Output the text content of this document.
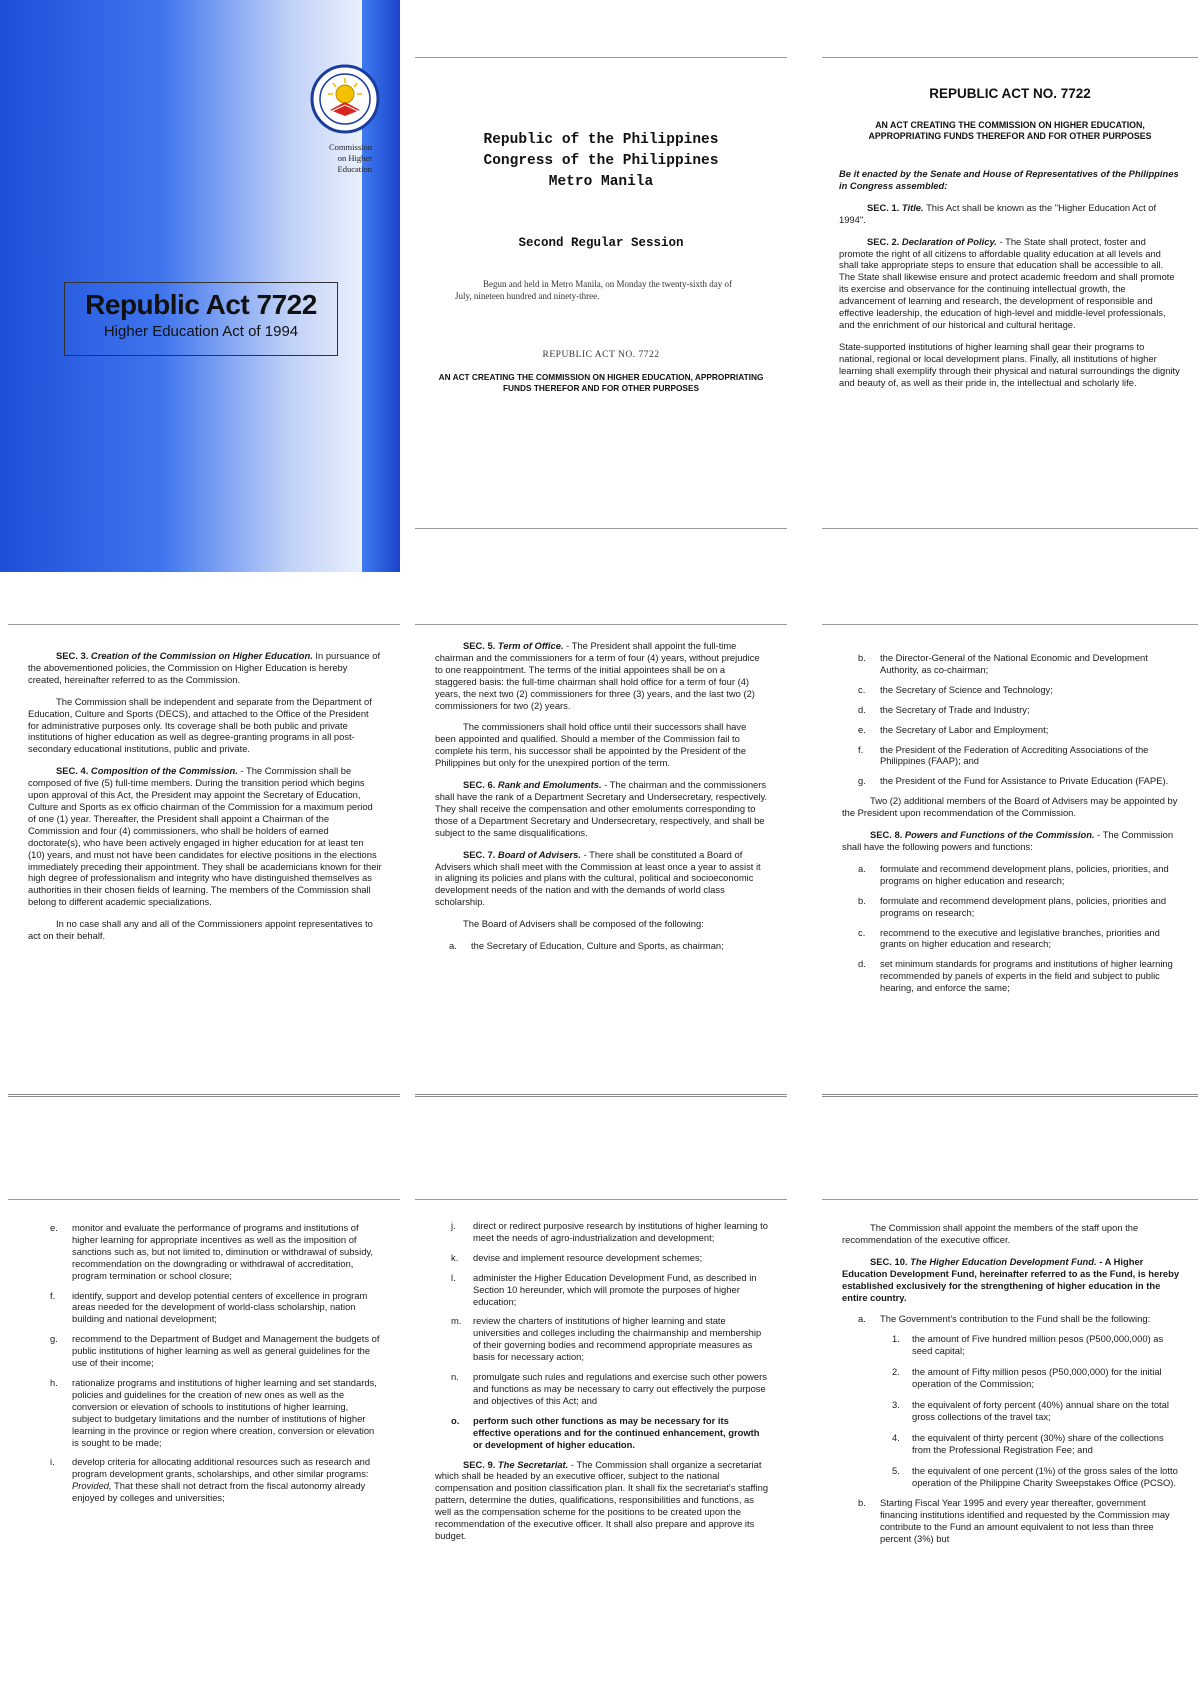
Commission
on Higher
Education
Republic Act 7722
Higher Education Act of 1994
Republic of the Philippines
Congress of the Philippines
Metro Manila
Second Regular Session
Begun and held in Metro Manila, on Monday the twenty-sixth day of July, nineteen hundred and ninety-three.
REPUBLIC ACT NO. 7722
AN ACT CREATING THE COMMISSION ON HIGHER EDUCATION, APPROPRIATING FUNDS THEREFOR AND FOR OTHER PURPOSES
REPUBLIC ACT NO. 7722
AN ACT CREATING THE COMMISSION ON HIGHER EDUCATION, APPROPRIATING FUNDS THEREFOR AND FOR OTHER PURPOSES

Be it enacted by the Senate and House of Representatives of the Philippines in Congress assembled:

SEC. 1. Title. This Act shall be known as the "Higher Education Act of 1994".

SEC. 2. Declaration of Policy. - The State shall protect, foster and promote the right of all citizens to affordable quality education at all levels and shall take appropriate steps to ensure that education shall be accessible to all. The State shall likewise ensure and protect academic freedom and shall promote its exercise and observance for the continuing intellectual growth, the advancement of learning and research, the development of responsible and effective leadership, the education of high-level and middle-level professionals, and the enrichment of our historical and cultural heritage.

State-supported institutions of higher learning shall gear their programs to national, regional or local development plans. Finally, all institutions of higher learning shall exemplify through their physical and natural surroundings the dignity and beauty of, as well as their pride in, the intellectual and scholarly life.

SEC. 3. Creation of the Commission on Higher Education. In pursuance of the abovementioned policies, the Commission on Higher Education is hereby created, hereinafter referred to as the Commission.

The Commission shall be independent and separate from the Department of Education, Culture and Sports (DECS), and attached to the Office of the President for administrative purposes only. Its coverage shall be both public and private institutions of higher education as well as degree-granting programs in all post-secondary educational institutions, public and private.

SEC. 4. Composition of the Commission. - The Commission shall be composed of five (5) full-time members. During the transition period which begins upon approval of this Act, the President may appoint the Secretary of Education, Culture and Sports as ex officio chairman of the Commission for a maximum period of one (1) year. Thereafter, the President shall appoint a Chairman of the Commission and four (4) commissioners, who shall be holders of earned doctorate(s), who have been actively engaged in higher education for at least ten (10) years, and must not have been candidates for elective positions in the elections immediately preceding their appointment. They shall be academicians known for their high degree of professionalism and integrity who have distinguished themselves as authorities in their chosen fields of learning. The members of the Commission shall belong to different academic specializations.

In no case shall any and all of the Commissioners appoint representatives to act on their behalf.

SEC. 5. Term of Office. - The President shall appoint the full-time chairman and the commissioners for a term of four (4) years, without prejudice to one reappointment. The terms of the initial appointees shall be on a staggered basis: the full-time chairman shall hold office for a term of four (4) years, the next two (2) commissioners for three (3) years, and the last two (2) commissioners for two (2) years.

The commissioners shall hold office until their successors shall have been appointed and qualified. Should a member of the Commission fail to complete his term, his successor shall be appointed by the President of the Philippines but only for the unexpired portion of the term.

SEC. 6. Rank and Emoluments. - The chairman and the commissioners shall have the rank of a Department Secretary and Undersecretary, respectively. They shall receive the compensation and other emoluments corresponding to those of a Department Secretary and Undersecretary, respectively, and shall be subject to the same disqualifications.

SEC. 7. Board of Advisers. - There shall be constituted a Board of Advisers which shall meet with the Commission at least once a year to assist it in aligning its policies and plans with the cultural, political and socioeconomic development needs of the nation and with the demands of world class scholarship.

The Board of Advisers shall be composed of the following:

a.	the Secretary of Education, Culture and Sports, as chairman;
b.	the Director-General of the National Economic and Development Authority, as co-chairman;
c.	the Secretary of Science and Technology;
d.	the Secretary of Trade and Industry;
e.	the Secretary of Labor and Employment;
f.	the President of the Federation of Accrediting Associations of the Philippines (FAAP); and
g.	the President of the Fund for Assistance to Private Education (FAPE).

Two (2) additional members of the Board of Advisers may be appointed by the President upon recommendation of the Commission.

SEC. 8. Powers and Functions of the Commission. - The Commission shall have the following powers and functions:

a.	formulate and recommend development plans, policies, priorities, and programs on higher education and research;
b.	formulate and recommend development plans, policies, priorities and programs on research;
c.	recommend to the executive and legislative branches, priorities and grants on higher education and research;
d.	set minimum standards for programs and institutions of higher learning recommended by panels of experts in the field and subject to public hearing, and enforce the same;
e.	monitor and evaluate the performance of programs and institutions of higher learning for appropriate incentives as well as the imposition of sanctions such as, but not limited to, diminution or withdrawal of subsidy, recommendation on the downgrading or withdrawal of accreditation, program termination or school closure;
f.	identify, support and develop potential centers of excellence in program areas needed for the development of world-class scholarship, nation building and national development;
g.	recommend to the Department of Budget and Management the budgets of public institutions of higher learning as well as general guidelines for the use of their income;
h.	rationalize programs and institutions of higher learning and set standards, policies and guidelines for the creation of new ones as well as the conversion or elevation of schools to institutions of higher learning, subject to budgetary limitations and the number of institutions of higher learning in the province or region where creation, conversion or elevation is sought to be made;
i.	develop criteria for allocating additional resources such as research and program development grants, scholarships, and other similar programs: Provided, That these shall not detract from the fiscal autonomy already enjoyed by colleges and universities;
j.	direct or redirect purposive research by institutions of higher learning to meet the needs of agro-industrialization and development;
k.	devise and implement resource development schemes;
l.	administer the Higher Education Development Fund, as described in Section 10 hereunder, which will promote the purposes of higher education;
m.	review the charters of institutions of higher learning and state universities and colleges including the chairmanship and membership of their governing bodies and recommend appropriate measures as basis for necessary action;
n.	promulgate such rules and regulations and exercise such other powers and functions as may be necessary to carry out effectively the purpose and objectives of this Act; and
o.	perform such other functions as may be necessary for its effective operations and for the continued enhancement, growth or development of higher education.

SEC. 9. The Secretariat. - The Commission shall organize a secretariat which shall be headed by an executive officer, subject to the national compensation and position classification plan. It shall fix the secretariat's staffing pattern, determine the duties, qualifications, responsibilities and functions, as well as the compensation scheme for the positions to be created upon the recommendation of the executive officer. It shall also prepare and approve its budget.

The Commission shall appoint the members of the staff upon the recommendation of the executive officer.

SEC. 10. The Higher Education Development Fund. - A Higher Education Development Fund, hereinafter referred to as the Fund, is hereby established exclusively for the strengthening of higher education in the entire country.

a.	The Government's contribution to the Fund shall be the following:
1.	the amount of Five hundred million pesos (P500,000,000) as seed capital;
2.	the amount of Fifty million pesos (P50,000,000) for the initial operation of the Commission;
3.	the equivalent of forty percent (40%) annual share on the total gross collections of the travel tax;
4.	the equivalent of thirty percent (30%) share of the collections from the Professional Registration Fee; and
5.	the equivalent of one percent (1%) of the gross sales of the lotto operation of the Philippine Charity Sweepstakes Office (PCSO).
b.	Starting Fiscal Year 1995 and every year thereafter, government financing institutions identified and requested by the Commission may contribute to the Fund an amount equivalent to not less than three percent (3%) but
